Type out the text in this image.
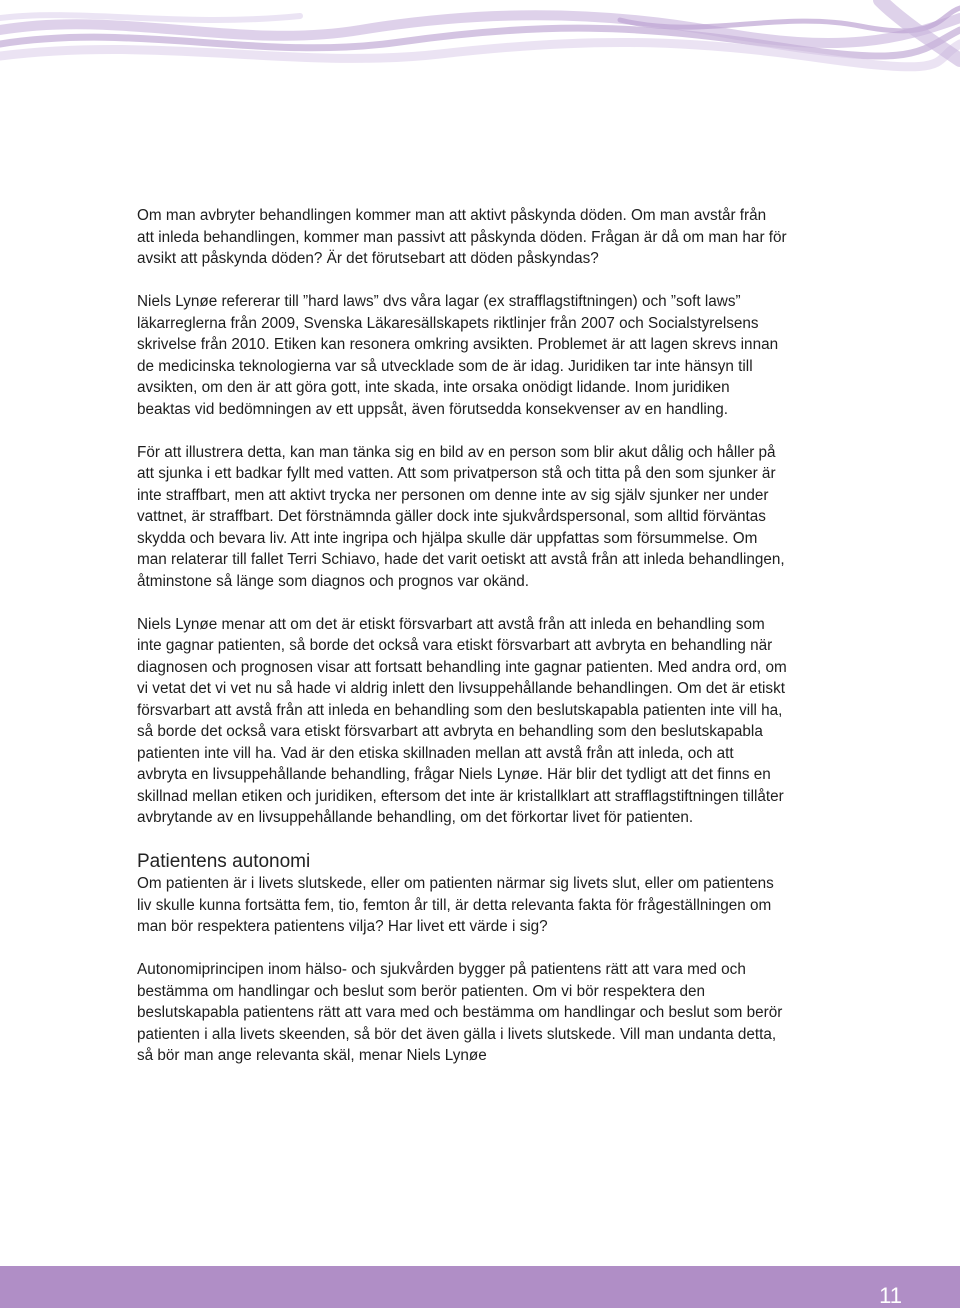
Om man avbryter behandlingen kommer man att aktivt påskynda döden. Om man avstår från att inleda behandlingen, kommer man passivt att påskynda döden. Frågan är då om man har för avsikt att påskynda döden? Är det förutsebart att döden påskyndas?

Niels Lynøe refererar till ”hard laws” dvs våra lagar (ex strafflagstiftningen) och ”soft laws” läkarreglerna från 2009, Svenska Läkaresällskapets riktlinjer från 2007 och Socialstyrelsens skrivelse från 2010. Etiken kan resonera omkring avsikten. Problemet är att lagen skrevs innan de medicinska teknologierna var så utvecklade som de är idag. Juridiken tar inte hänsyn till avsikten, om den är att göra gott, inte skada, inte orsaka onödigt lidande. Inom juridiken beaktas vid bedömningen av ett uppsåt, även förutsedda konsekvenser av en handling.

För att illustrera detta, kan man tänka sig en bild av en person som blir akut dålig och håller på att sjunka i ett badkar fyllt med vatten. Att som privatperson stå och titta på den som sjunker är inte straffbart, men att aktivt trycka ner personen om denne inte av sig själv sjunker ner under vattnet, är straffbart. Det förstnämnda gäller dock inte sjukvårdspersonal, som alltid förväntas skydda och bevara liv. Att inte ingripa och hjälpa skulle där uppfattas som försummelse. Om man relaterar till fallet Terri Schiavo, hade det varit oetiskt att avstå från att inleda behandlingen, åtminstone så länge som diagnos och prognos var okänd.

Niels Lynøe menar att om det är etiskt försvarbart att avstå från att inleda en behandling som inte gagnar patienten, så borde det också vara etiskt försvarbart att avbryta en behandling när diagnosen och prognosen visar att fortsatt behandling inte gagnar patienten. Med andra ord, om vi vetat det vi vet nu så hade vi aldrig inlett den livsuppehållande behandlingen. Om det är etiskt försvarbart att avstå från att inleda en behandling som den beslutskapabla patienten inte vill ha, så borde det också vara etiskt försvarbart att avbryta en behandling som den beslutskapabla patienten inte vill ha. Vad är den etiska skillnaden mellan att avstå från att inleda, och att avbryta en livsuppehållande behandling, frågar Niels Lynøe. Här blir det tydligt att det finns en skillnad mellan etiken och juridiken, eftersom det inte är kristallklart att strafflagstiftningen tillåter avbrytande av en livsuppehållande behandling, om det förkortar livet för patienten.

Patientens autonomi

Om patienten är i livets slutskede, eller om patienten närmar sig livets slut, eller om patientens liv skulle kunna fortsätta fem, tio, femton år till, är detta relevanta fakta för frågeställningen om man bör respektera patientens vilja? Har livet ett värde i sig?

Autonomiprincipen inom hälso- och sjukvården bygger på patientens rätt att vara med och bestämma om handlingar och beslut som berör patienten. Om vi bör respektera den beslutskapabla patientens rätt att vara med och bestämma om handlingar och beslut som berör patienten i alla livets skeenden, så bör det även gälla i livets slutskede. Vill man undanta detta, så bör man ange relevanta skäl, menar Niels Lynøe

11
